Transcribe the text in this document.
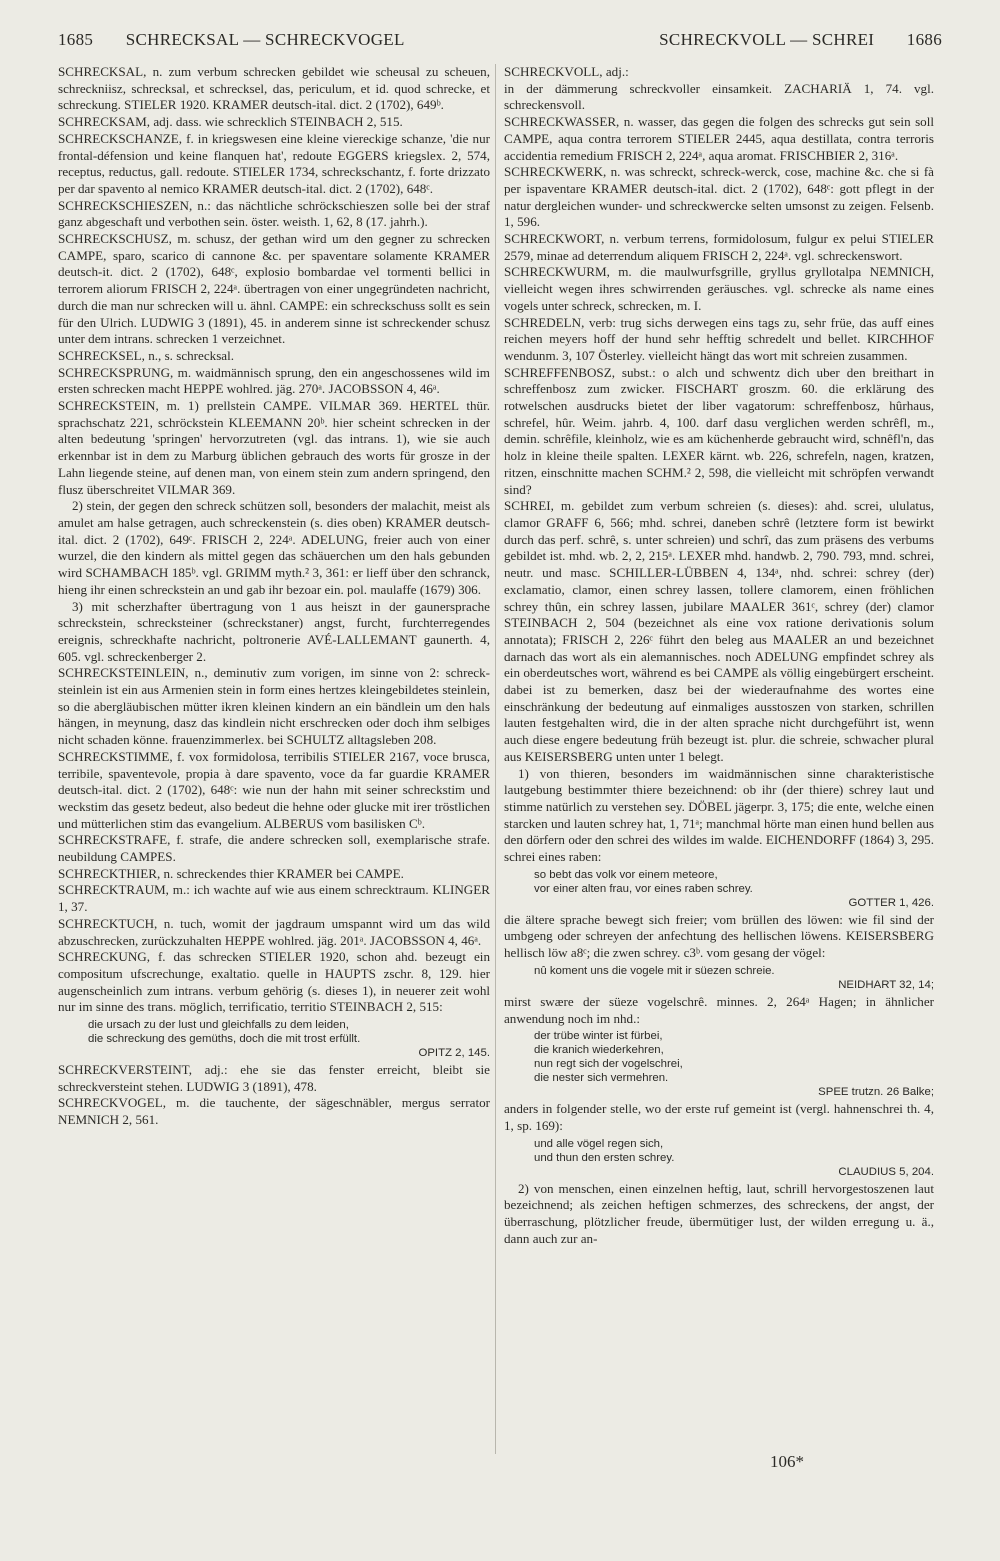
1685 SCHRECKSAL — SCHRECKVOGEL	SCHRECKVOLL — SCHREI 1686

SCHRECKSAL, n. zum verbum schrecken gebildet wie scheusal zu scheuen, schreckniisz, schrecksal, et schrecksel, das, periculum, et id. quod schrecke, et schreckung. STIELER 1920. KRAMER deutsch-ital. dict. 2 (1702), 649ᵇ.

SCHRECKSAM, adj. dass. wie schrecklich STEINBACH 2, 515.

SCHRECKSCHANZE, f. in kriegswesen eine kleine viereckige schanze, 'die nur frontal-défension und keine flanquen hat', redoute EGGERS kriegslex. 2, 574, receptus, reductus, gall. redoute. STIELER 1734, schreckschantz, f. forte drizzato per dar spavento al nemico KRAMER deutsch-ital. dict. 2 (1702), 648ᶜ.

SCHRECKSCHIESZEN, n.: das nächtliche schröckschieszen solle bei der straf ganz abgeschaft und verbothen sein. öster. weisth. 1, 62, 8 (17. jahrh.).

SCHRECKSCHUSZ, m. schusz, der gethan wird um den gegner zu schrecken CAMPE, sparo, scarico di cannone &c. per spaventare solamente KRAMER deutsch-it. dict. 2 (1702), 648ᶜ, explosio bombardae vel tormenti bellici in terrorem aliorum FRISCH 2, 224ᵃ. übertragen von einer ungegründeten nachricht, durch die man nur schrecken will u. ähnl. CAMPE: ein schreckschuss sollt es sein für den Ulrich. LUDWIG 3 (1891), 45. in anderem sinne ist schreckender schusz unter dem intrans. schrecken 1 verzeichnet.

SCHRECKSEL, n., s. schrecksal.

SCHRECKSPRUNG, m. waidmännisch sprung, den ein angeschossenes wild im ersten schrecken macht HEPPE wohlred. jäg. 270ᵃ. JACOBSSON 4, 46ᵃ.

SCHRECKSTEIN, m. 1) prellstein CAMPE. VILMAR 369. HERTEL thür. sprachschatz 221, schröckstein KLEEMANN 20ᵇ. hier scheint schrecken in der alten bedeutung 'springen' hervorzutreten (vgl. das intrans. 1), wie sie auch erkennbar ist in dem zu Marburg üblichen gebrauch des worts für grosze in der Lahn liegende steine, auf denen man, von einem stein zum andern springend, den flusz überschreitet VILMAR 369.

2) stein, der gegen den schreck schützen soll, besonders der malachit, meist als amulet am halse getragen, auch schreckenstein (s. dies oben) KRAMER deutsch-ital. dict. 2 (1702), 649ᶜ. FRISCH 2, 224ᵃ. ADELUNG, freier auch von einer wurzel, die den kindern als mittel gegen das schäuerchen um den hals gebunden wird SCHAMBACH 185ᵇ. vgl. GRIMM myth.² 3, 361: er lieff über den schranck, hieng ihr einen schreckstein an und gab ihr bezoar ein. pol. maulaffe (1679) 306.

3) mit scherzhafter übertragung von 1 aus heiszt in der gaunersprache schreckstein, schrecksteiner (schreckstaner) angst, furcht, furchterregendes ereignis, schreckhafte nachricht, poltronerie AVÉ-LALLEMANT gaunerth. 4, 605. vgl. schreckenberger 2.

SCHRECKSTEINLEIN, n., deminutiv zum vorigen, im sinne von 2: schreck-steinlein ist ein aus Armenien stein in form eines hertzes kleingebildetes steinlein, so die abergläubischen mütter ikren kleinen kindern an ein bändlein um den hals hängen, in meynung, dasz das kindlein nicht erschrecken oder doch ihm selbiges nicht schaden könne. frauenzimmerlex. bei SCHULTZ alltagsleben 208.

SCHRECKSTIMME, f. vox formidolosa, terribilis STIELER 2167, voce brusca, terribile, spaventevole, propia à dare spavento, voce da far guardie KRAMER deutsch-ital. dict. 2 (1702), 648ᶜ: wie nun der hahn mit seiner schreckstim und weckstim das gesetz bedeut, also bedeut die hehne oder glucke mit irer tröstlichen und mütterlichen stim das evangelium. ALBERUS vom basilisken Cᵇ.

SCHRECKSTRAFE, f. strafe, die andere schrecken soll, exemplarische strafe. neubildung CAMPES.

SCHRECKTHIER, n. schreckendes thier KRAMER bei CAMPE.

SCHRECKTRAUM, m.: ich wachte auf wie aus einem schrecktraum. KLINGER 1, 37.

SCHRECKTUCH, n. tuch, womit der jagdraum umspannt wird um das wild abzuschrecken, zurückzuhalten HEPPE wohlred. jäg. 201ᵃ. JACOBSSON 4, 46ᵃ.

SCHRECKUNG, f. das schrecken STIELER 1920, schon ahd. bezeugt ein compositum ufscrechunge, exaltatio. quelle in HAUPTS zschr. 8, 129. hier augenscheinlich zum intrans. verbum gehörig (s. dieses 1), in neuerer zeit wohl nur im sinne des trans. möglich, terrificatio, territio STEINBACH 2, 515:

die ursach zu der lust und gleichfalls zu dem leiden,
die schreckung des gemüths, doch die mit trost erfüllt.
OPITZ 2, 145.

SCHRECKVERSTEINT, adj.: ehe sie das fenster erreicht, bleibt sie schreckversteint stehen. LUDWIG 3 (1891), 478.

SCHRECKVOGEL, m. die tauchente, der sägeschnäbler, mergus serrator NEMNICH 2, 561.

SCHRECKVOLL, adj.:

in der dämmerung schreckvoller einsamkeit. ZACHARIÄ 1, 74. vgl. schreckensvoll.

SCHRECKWASSER, n. wasser, das gegen die folgen des schrecks gut sein soll CAMPE, aqua contra terrorem STIELER 2445, aqua destillata, contra terroris accidentia remedium FRISCH 2, 224ᵃ, aqua aromat. FRISCHBIER 2, 316ᵃ.

SCHRECKWERK, n. was schreckt, schreck-werck, cose, machine &c. che si fà per ispaventare KRAMER deutsch-ital. dict. 2 (1702), 648ᶜ: gott pflegt in der natur dergleichen wunder- und schreckwercke selten umsonst zu zeigen. Felsenb. 1, 596.

SCHRECKWORT, n. verbum terrens, formidolosum, fulgur ex pelui STIELER 2579, minae ad deterrendum aliquem FRISCH 2, 224ᵃ. vgl. schreckenswort.

SCHRECKWURM, m. die maulwurfsgrille, gryllus gryllotalpa NEMNICH, vielleicht wegen ihres schwirrenden geräusches. vgl. schrecke als name eines vogels unter schreck, schrecken, m. I.

SCHREDELN, verb: trug sichs derwegen eins tags zu, sehr früe, das auff eines reichen meyers hoff der hund sehr hefftig schredelt und bellet. KIRCHHOF wendunm. 3, 107 Österley. vielleicht hängt das wort mit schreien zusammen.

SCHREFFENBOSZ, subst.: o alch und schwentz dich uber den breithart in schreffenbosz zum zwicker. FISCHART groszm. 60. die erklärung des rotwelschen ausdrucks bietet der liber vagatorum: schreffenbosz, hûrhaus, schrefel, hûr. Weim. jahrb. 4, 100. darf dasu verglichen werden schrêfl, m., demin. schrêfile, kleinholz, wie es am küchenherde gebraucht wird, schnêfl'n, das holz in kleine theile spalten. LEXER kärnt. wb. 226, schrefeln, nagen, kratzen, ritzen, einschnitte machen SCHM.² 2, 598, die vielleicht mit schröpfen verwandt sind?

SCHREI, m. gebildet zum verbum schreien (s. dieses): ahd. screi, ululatus, clamor GRAFF 6, 566; mhd. schrei, daneben schrê (letztere form ist bewirkt durch das perf. schrê, s. unter schreien) und schrî, das zum präsens des verbums gebildet ist. mhd. wb. 2, 2, 215ᵃ. LEXER mhd. handwb. 2, 790. 793, mnd. schrei, neutr. und masc. SCHILLER-LÜBBEN 4, 134ᵃ, nhd. schrei: schrey (der) exclamatio, clamor, einen schrey lassen, tollere clamorem, einen fröhlichen schrey thûn, ein schrey lassen, jubilare MAALER 361ᶜ, schrey (der) clamor STEINBACH 2, 504 (bezeichnet als eine vox ratione derivationis solum annotata); FRISCH 2, 226ᶜ führt den beleg aus MAALER an und bezeichnet darnach das wort als ein alemannisches. noch ADELUNG empfindet schrey als ein oberdeutsches wort, während es bei CAMPE als völlig eingebürgert erscheint. dabei ist zu bemerken, dasz bei der wiederaufnahme des wortes eine einschränkung der bedeutung auf einmaliges ausstoszen von starken, schrillen lauten festgehalten wird, die in der alten sprache nicht durchgeführt ist, wenn auch diese engere bedeutung früh bezeugt ist. plur. die schreie, schwacher plural aus KEISERSBERG unten unter 1 belegt.

1) von thieren, besonders im waidmännischen sinne charakteristische lautgebung bestimmter thiere bezeichnend: ob ihr (der thiere) schrey laut und stimme natürlich zu verstehen sey. DÖBEL jägerpr. 3, 175; die ente, welche einen starcken und lauten schrey hat, 1, 71ᵃ; manchmal hörte man einen hund bellen aus den dörfern oder den schrei des wildes im walde. EICHENDORFF (1864) 3, 295. schrei eines raben:

so bebt das volk vor einem meteore,
vor einer alten frau, vor eines raben schrey.
GOTTER 1, 426.

die ältere sprache bewegt sich freier; vom brüllen des löwen: wie fil sind der umbgeng oder schreyen der anfechtung des hellischen löwens. KEISERSBERG hellisch löw a8ᶜ; die zwen schrey. c3ᵇ. vom gesang der vögel:

nû koment uns die vogele mit ir süezen schreie.
NEIDHART 32, 14;

mirst swære der süeze vogelschrê. minnes. 2, 264ᵃ Hagen; in ähnlicher anwendung noch im nhd.:

der trübe winter ist fürbei,
die kranich wiederkehren,
nun regt sich der vogelschrei,
die nester sich vermehren.
SPEE trutzn. 26 Balke;

anders in folgender stelle, wo der erste ruf gemeint ist (vergl. hahnenschrei th. 4, 1, sp. 169):

und alle vögel regen sich,
und thun den ersten schrey.
CLAUDIUS 5, 204.

2) von menschen, einen einzelnen heftig, laut, schrill hervorgestoszenen laut bezeichnend; als zeichen heftigen schmerzes, des schreckens, der angst, der überraschung, plötzlicher freude, übermütiger lust, der wilden erregung u. ä., dann auch zur an-

106*
